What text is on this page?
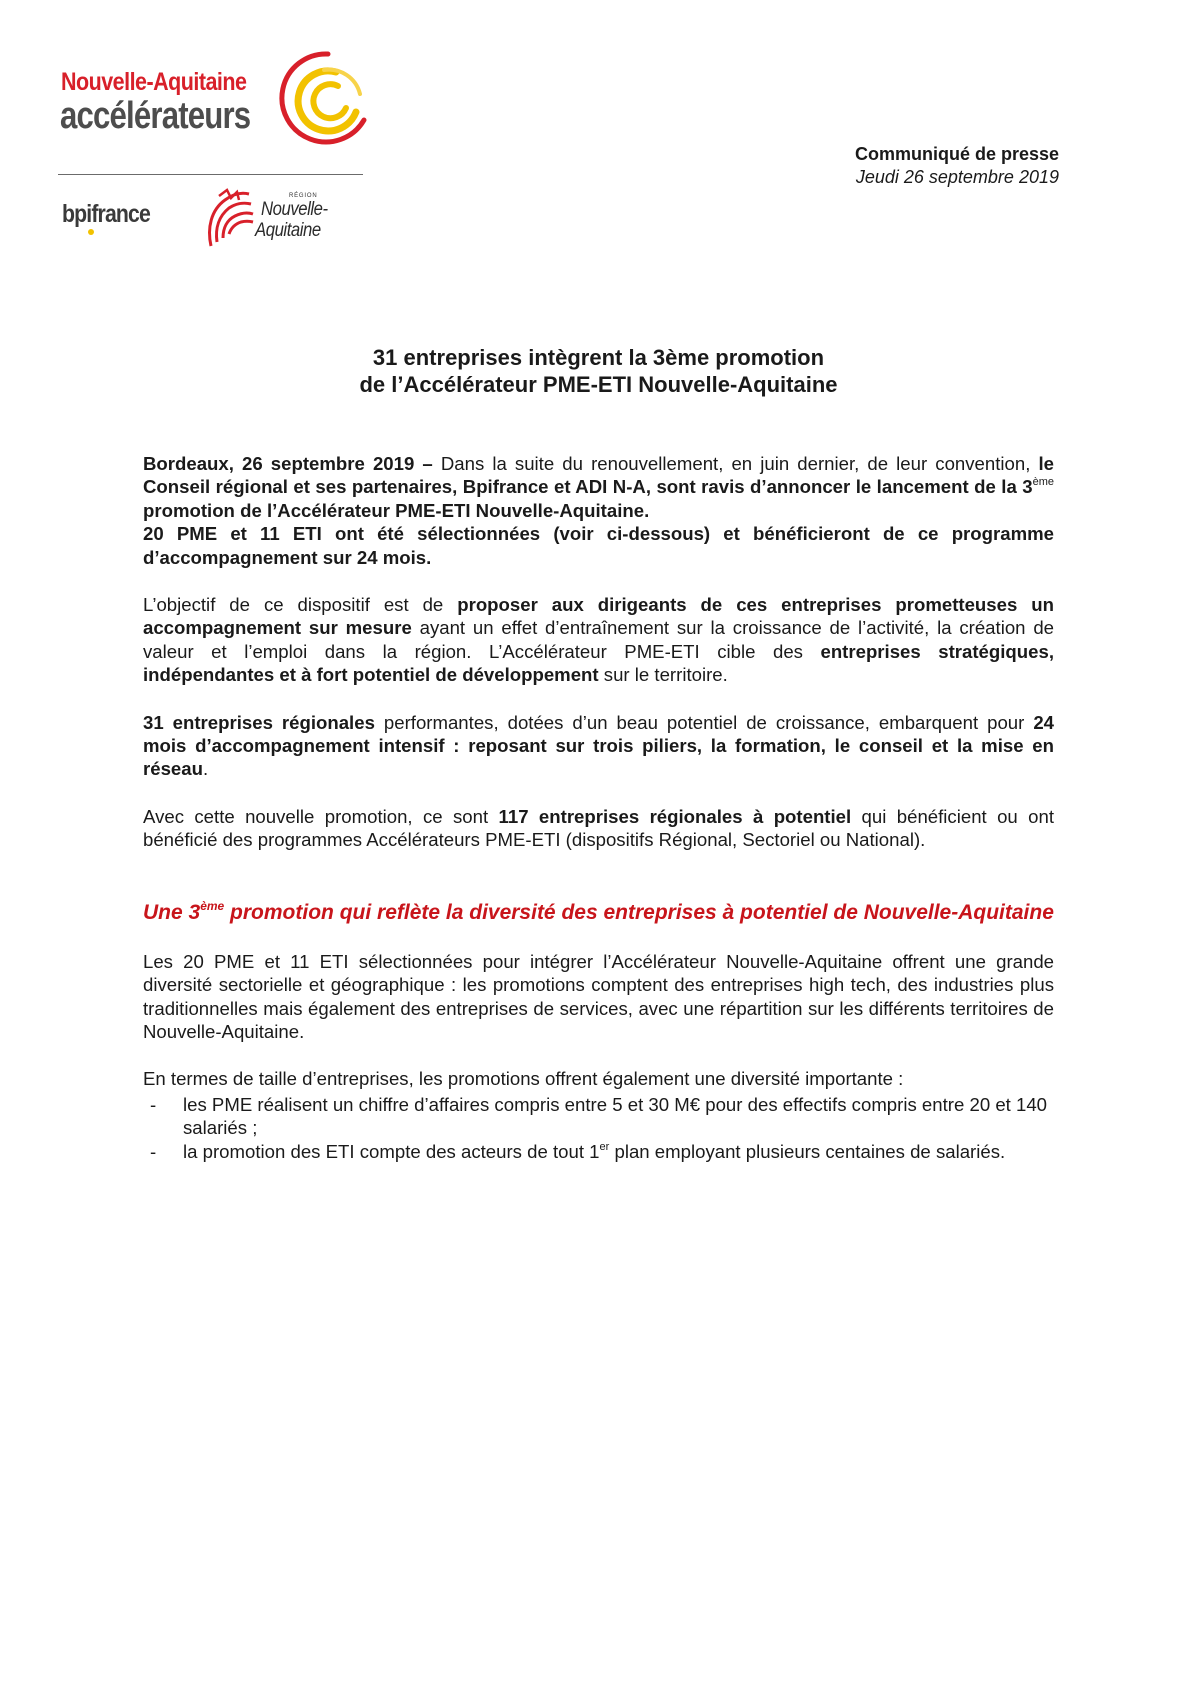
Nouvelle-Aquitaine
accélérateurs
bpifrance
RÉGION
Nouvelle-
Aquitaine
Communiqué de presse
Jeudi 26 septembre 2019
31 entreprises intègrent la 3ème promotion
de l’Accélérateur PME-ETI Nouvelle-Aquitaine

Bordeaux, 26 septembre 2019 – Dans la suite du renouvellement, en juin dernier, de leur convention, le Conseil régional et ses partenaires, Bpifrance et ADI N-A, sont ravis d’annoncer le lancement de la 3ème promotion de l’Accélérateur PME-ETI Nouvelle-Aquitaine.

20 PME et 11 ETI ont été sélectionnées (voir ci-dessous) et bénéficieront de ce programme d’accompagnement sur 24 mois.

L’objectif de ce dispositif est de proposer aux dirigeants de ces entreprises prometteuses un accompagnement sur mesure ayant un effet d’entraînement sur la croissance de l’activité, la création de valeur et l’emploi dans la région. L’Accélérateur PME-ETI cible des entreprises stratégiques, indépendantes et à fort potentiel de développement sur le territoire.

31 entreprises régionales performantes, dotées d’un beau potentiel de croissance, embarquent pour 24 mois d’accompagnement intensif : reposant sur trois piliers, la formation, le conseil et la mise en réseau.

Avec cette nouvelle promotion, ce sont 117 entreprises régionales à potentiel qui bénéficient ou ont bénéficié des programmes Accélérateurs PME-ETI (dispositifs Régional, Sectoriel ou National).

Une 3ème promotion qui reflète la diversité des entreprises à potentiel de Nouvelle-Aquitaine

Les 20 PME et 11 ETI sélectionnées pour intégrer l’Accélérateur Nouvelle-Aquitaine offrent une grande diversité sectorielle et géographique : les promotions comptent des entreprises high tech, des industries plus traditionnelles mais également des entreprises de services, avec une répartition sur les différents territoires de Nouvelle-Aquitaine.

En termes de taille d’entreprises, les promotions offrent également une diversité importante :

- les PME réalisent un chiffre d’affaires compris entre 5 et 30 M€ pour des effectifs compris entre 20 et 140 salariés ;
- la promotion des ETI compte des acteurs de tout 1er plan employant plusieurs centaines de salariés.
